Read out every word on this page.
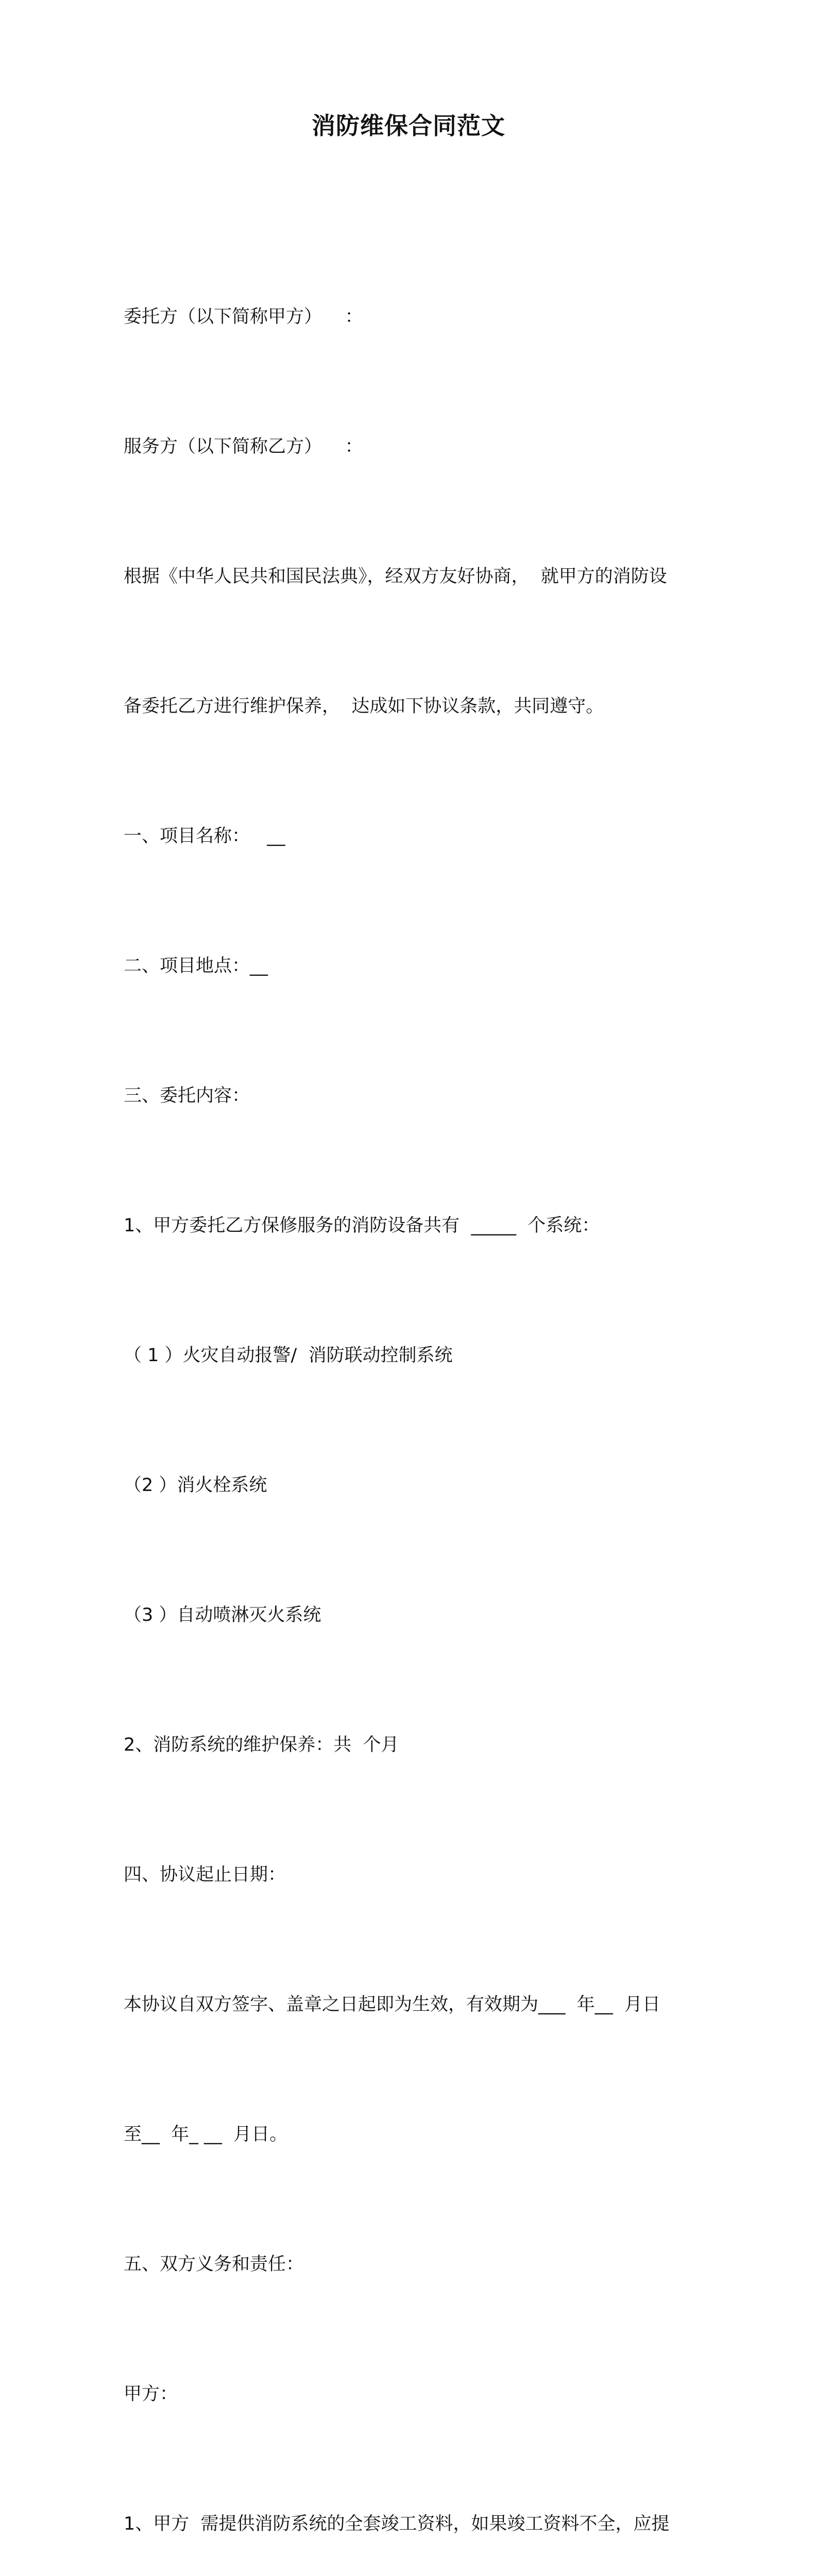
消防维保合同范文

委托方（以下简称甲方）    ：

服务方（以下简称乙方）    ：

根据《中华人民共和国民法典》，经双方友好协商，  就甲方的消防设

备委托乙方进行维护保养，  达成如下协议条款，共同遵守。

一、项目名称：   __

二、项目地点：__

三、委托内容：

1、甲方委托乙方保修服务的消防设备共有  _____  个系统：

（ 1 ）火灾自动报警/  消防联动控制系统

（2 ）消火栓系统

（3 ）自动喷淋灭火系统

2、消防系统的维护保养：共  个月

四、协议起止日期：

本协议自双方签字、盖章之日起即为生效，有效期为___  年__  月日

至__  年_ __  月日。

五、双方义务和责任：

甲方：

1、甲方  需提供消防系统的全套竣工资料，如果竣工资料不全，应提
